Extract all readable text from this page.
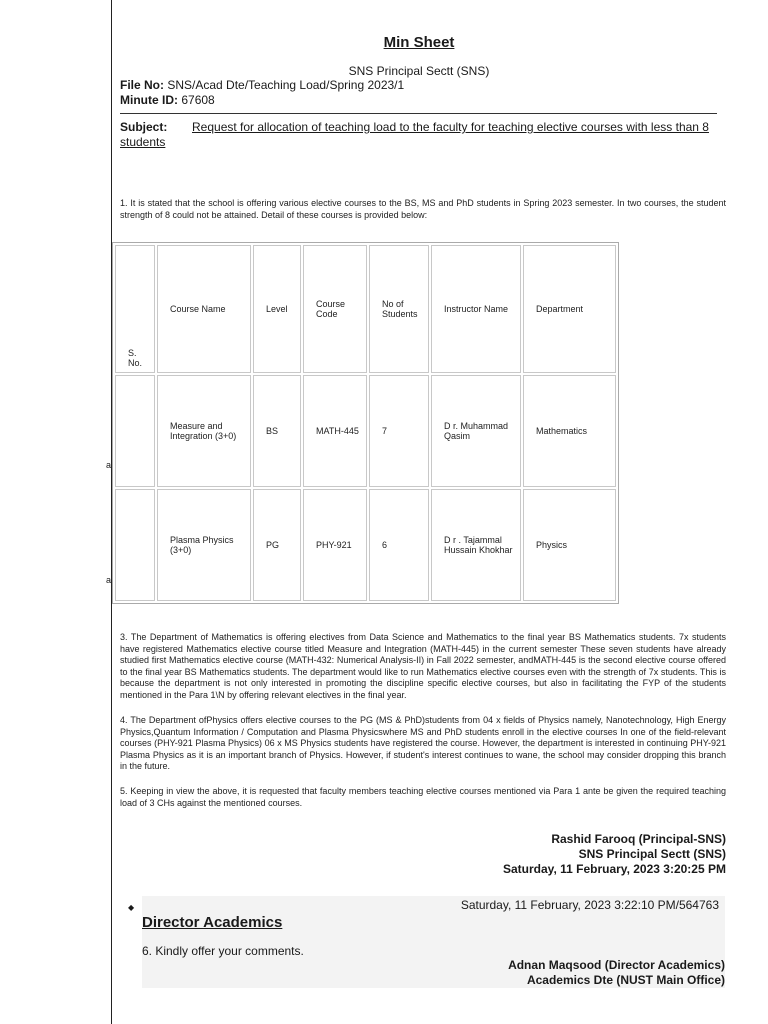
Min Sheet
SNS Principal Sectt (SNS)
File No: SNS/Acad Dte/Teaching Load/Spring 2023/1
Minute ID: 67608
Subject: Request for allocation of teaching load to the faculty for teaching elective courses with less than 8 students
1. It is stated that the school is offering various elective courses to the BS, MS and PhD students in Spring 2023 semester. In two courses, the student strength of 8 could not be attained. Detail of these courses is provided below:
S. No.	Course Name	Level	Course Code	No of Students	Instructor Name	Department
	Measure and Integration (3+0)	BS	MATH-445	7	D r. Muhammad Qasim	Mathematics
	Plasma Physics (3+0)	PG	PHY-921	6	D r . Tajammal Hussain Khokhar	Physics
a
a
3. The Department of Mathematics is offering electives from Data Science and Mathematics to the final year BS Mathematics students. 7x students have registered Mathematics elective course titled Measure and Integration (MATH-445) in the current semester These seven students have already studied first Mathematics elective course (MATH-432: Numerical Analysis-II) in Fall 2022 semester, andMATH-445 is the second elective course offered to the final year BS Mathematics students. The department would like to run Mathematics elective courses even with the strength of 7x students. This is because the department is not only interested in promoting the discipline specific elective courses, but also in facilitating the FYP of the students mentioned in the Para 1\N by offering relevant electives in the final year.
4. The Department ofPhysics offers elective courses to the PG (MS & PhD)students from 04 x fields of Physics namely, Nanotechnology, High Energy Physics,Quantum Information / Computation and Plasma Physicswhere MS and PhD students enroll in the elective courses In one of the field-relevant courses (PHY-921 Plasma Physics) 06 x MS Physics students have registered the course. However, the department is interested in continuing PHY-921 Plasma Physics as it is an important branch of Physics. However, if student's interest continues to wane, the school may consider dropping this branch in the future.
5. Keeping in view the above, it is requested that faculty members teaching elective courses mentioned via Para 1 ante be given the required teaching load of 3 CHs against the mentioned courses.
Rashid Farooq (Principal-SNS)
SNS Principal Sectt (SNS)
Saturday, 11 February, 2023 3:20:25 PM
◆	Saturday, 11 February, 2023 3:22:10 PM/564763
Director Academics
6. Kindly offer your comments.
Adnan Maqsood (Director Academics)
Academics Dte (NUST Main Office)
